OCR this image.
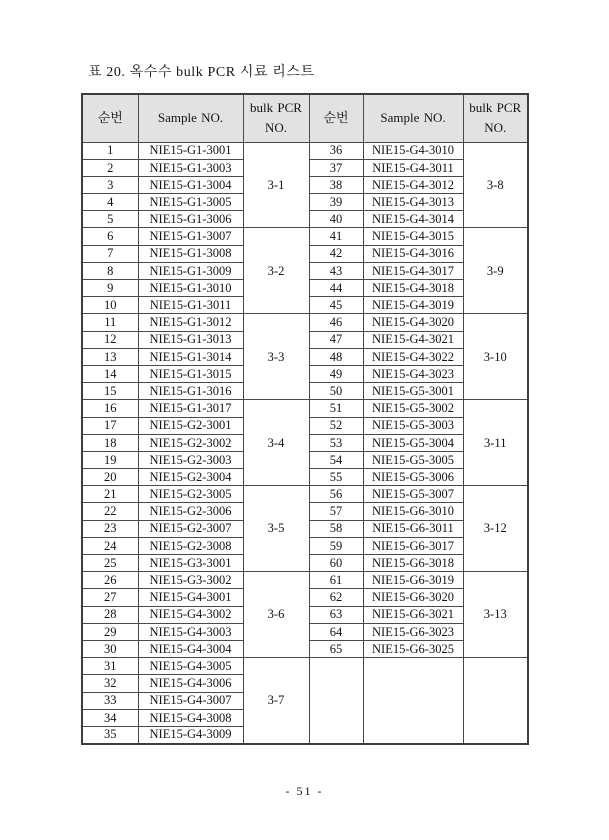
표 20. 옥수수 bulk PCR 시료 리스트
순번	Sample NO.	bulk PCR NO.	순번	Sample NO.	bulk PCR NO.
1	NIE15-G1-3001	3-1	36	NIE15-G4-3010	3-8
2	NIE15-G1-3003		37	NIE15-G4-3011	
3	NIE15-G1-3004		38	NIE15-G4-3012	
4	NIE15-G1-3005		39	NIE15-G4-3013	
5	NIE15-G1-3006		40	NIE15-G4-3014	
6	NIE15-G1-3007	3-2	41	NIE15-G4-3015	3-9
7	NIE15-G1-3008		42	NIE15-G4-3016	
8	NIE15-G1-3009		43	NIE15-G4-3017	
9	NIE15-G1-3010		44	NIE15-G4-3018	
10	NIE15-G1-3011		45	NIE15-G4-3019	
11	NIE15-G1-3012	3-3	46	NIE15-G4-3020	3-10
12	NIE15-G1-3013		47	NIE15-G4-3021	
13	NIE15-G1-3014		48	NIE15-G4-3022	
14	NIE15-G1-3015		49	NIE15-G4-3023	
15	NIE15-G1-3016		50	NIE15-G5-3001	
16	NIE15-G1-3017	3-4	51	NIE15-G5-3002	3-11
17	NIE15-G2-3001		52	NIE15-G5-3003	
18	NIE15-G2-3002		53	NIE15-G5-3004	
19	NIE15-G2-3003		54	NIE15-G5-3005	
20	NIE15-G2-3004		55	NIE15-G5-3006	
21	NIE15-G2-3005	3-5	56	NIE15-G5-3007	3-12
22	NIE15-G2-3006		57	NIE15-G6-3010	
23	NIE15-G2-3007		58	NIE15-G6-3011	
24	NIE15-G2-3008		59	NIE15-G6-3017	
25	NIE15-G3-3001		60	NIE15-G6-3018	
26	NIE15-G3-3002	3-6	61	NIE15-G6-3019	3-13
27	NIE15-G4-3001		62	NIE15-G6-3020	
28	NIE15-G4-3002		63	NIE15-G6-3021	
29	NIE15-G4-3003		64	NIE15-G6-3023	
30	NIE15-G4-3004		65	NIE15-G6-3025	
31	NIE15-G4-3005	3-7			
32	NIE15-G4-3006				
33	NIE15-G4-3007				
34	NIE15-G4-3008				
35	NIE15-G4-3009				
- 51 -
